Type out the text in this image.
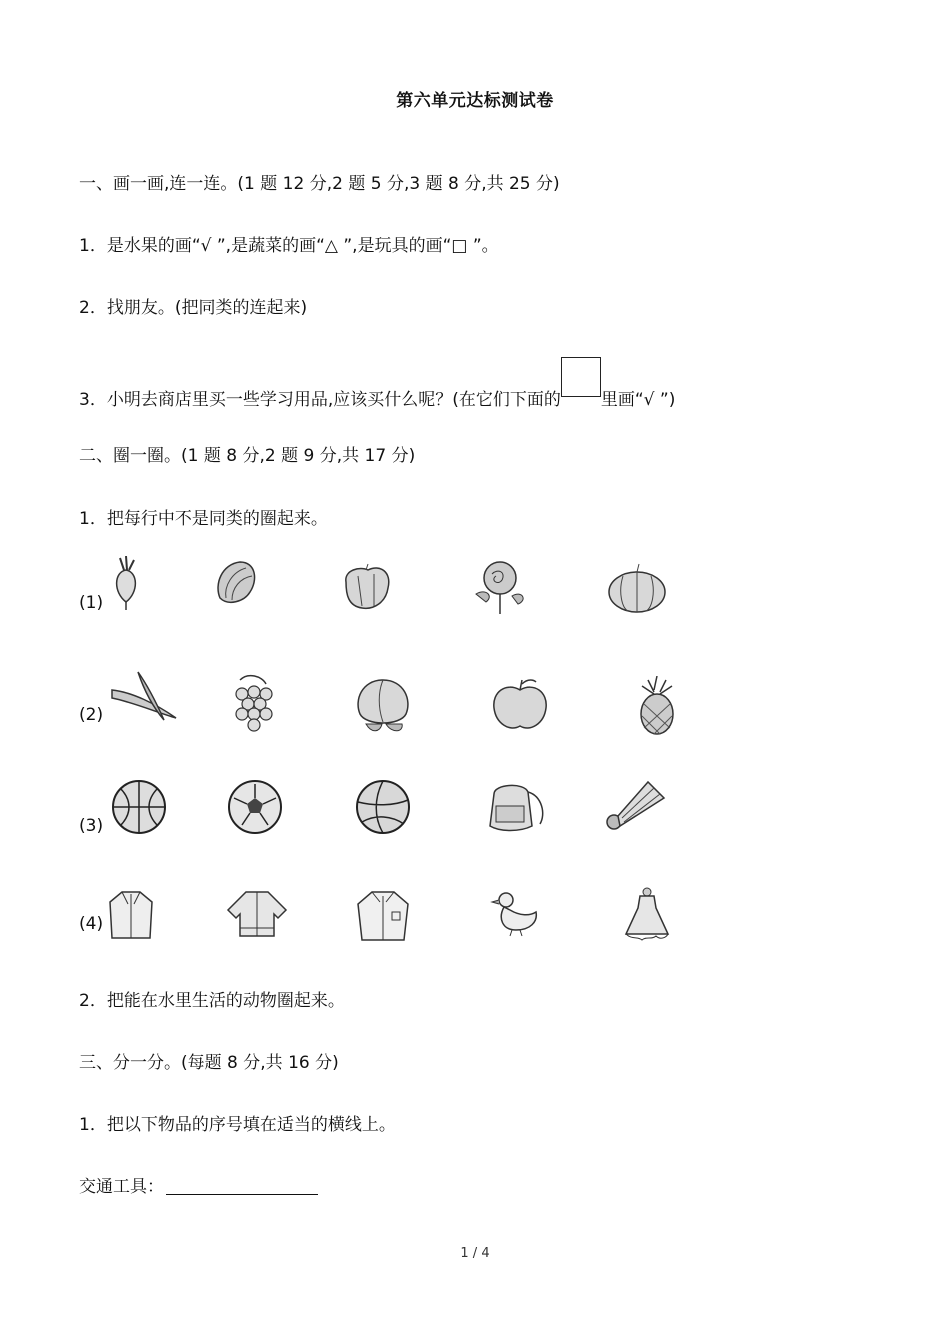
第六单元达标测试卷
一、画一画,连一连。(1 题 12 分,2 题 5 分,3 题 8 分,共 25 分)
1．是水果的画“√ ”,是蔬菜的画“△ ”,是玩具的画“□ ”。
2．找朋友。(把同类的连起来)
3．小明去商店里买一些学习用品,应该买什么呢？(在它们下面的 里画“√ ”)
二、圈一圈。(1 题 8 分,2 题 9 分,共 17 分)
1．把每行中不是同类的圈起来。
(1)
(2)
(3)
(4)
2．把能在水里生活的动物圈起来。
三、分一分。(每题 8 分,共 16 分)
1．把以下物品的序号填在适当的横线上。
交通工具：
1 / 4
